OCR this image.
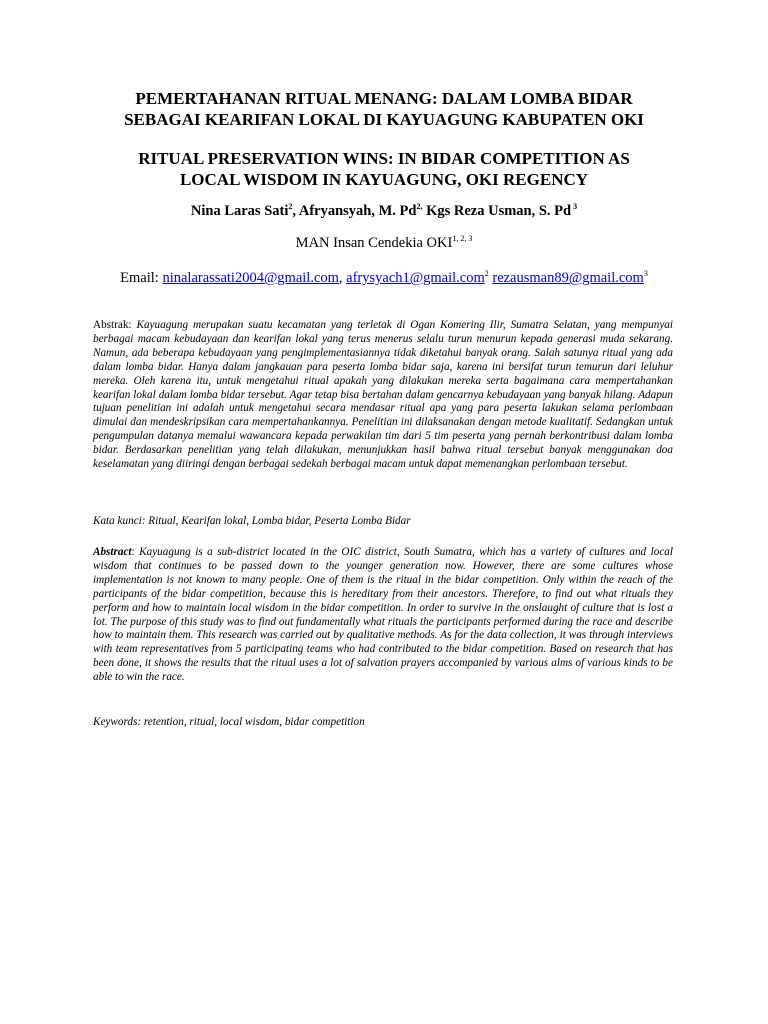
PEMERTAHANAN RITUAL MENANG: DALAM LOMBA BIDAR
SEBAGAI KEARIFAN LOKAL DI KAYUAGUNG KABUPATEN OKI
RITUAL PRESERVATION WINS: IN BIDAR COMPETITION AS
LOCAL WISDOM IN KAYUAGUNG, OKI REGENCY

Nina Laras Sati$^2$, Afryansyah, M. $Pd^{2,}$ Kgs Reza Usman, S. Pd $^3$

MAN Insan Cendekia OKI$^{1, 2, 3}$

Email: ninalarassati2004@gmail.com, afrysyach1@gmail.com$^2$ rezausman89@gmail.com$^3$

Abstrak: Kayuagung merupakan suatu kecamatan yang terletak di Ogan Komering Ilir, Sumatra Selatan, yang mempunyai berbagai macam kebudayaan dan kearifan lokal yang terus menerus selalu turun menurun kepada generasi muda sekarang. Namun, ada beberapa kebudayaan yang pengimplementasiannya tidak diketahui banyak orang. Salah satunya ritual yang ada dalam lomba bidar. Hanya dalam jangkauan para peserta lomba bidar saja, karena ini bersifat turun temurun dari leluhur mereka. Oleh karena itu, untuk mengetahui ritual apakah yang dilakukan mereka serta bagaimana cara mempertahankan kearifan lokal dalam lomba bidar tersebut. Agar tetap bisa bertahan dalam gencarnya kebudayaan yang banyak hilang. Adapun tujuan penelitian ini adalah untuk mengetahui secara mendasar ritual apa yang para peserta lakukan selama perlombaan dimulai dan mendeskripsikan cara mempertahankannya. Penelitian ini dilaksanakan dengan metode kualitatif. Sedangkan untuk pengumpulan datanya memalui wawancara kepada perwakilan tim dari 5 tim peserta yang pernah berkontribusi dalam lomba bidar. Berdasarkan penelitian yang telah dilakukan, menunjukkan hasil bahwa ritual tersebut banyak menggunakan doa keselamatan yang diiringi dengan berbagai sedekah berbagai macam untuk dapat memenangkan perlombaan tersebut.

Kata kunci: Ritual, Kearifan lokal, Lomba bidar, Peserta Lomba Bidar

Abstract: Kayuagung is a sub-district located in the OIC district, South Sumatra, which has a variety of cultures and local wisdom that continues to be passed down to the younger generation now. However, there are some cultures whose implementation is not known to many people. One of them is the ritual in the bidar competition. Only within the reach of the participants of the bidar competition, because this is hereditary from their ancestors. Therefore, to find out what rituals they perform and how to maintain local wisdom in the bidar competition. In order to survive in the onslaught of culture that is lost a lot. The purpose of this study was to find out fundamentally what rituals the participants performed during the race and describe how to maintain them. This research was carried out by qualitative methods. As for the data collection, it was through interviews with team representatives from 5 participating teams who had contributed to the bidar competition. Based on research that has been done, it shows the results that the ritual uses a lot of salvation prayers accompanied by various alms of various kinds to be able to win the race.

Keywords: retention, ritual, local wisdom, bidar competition
